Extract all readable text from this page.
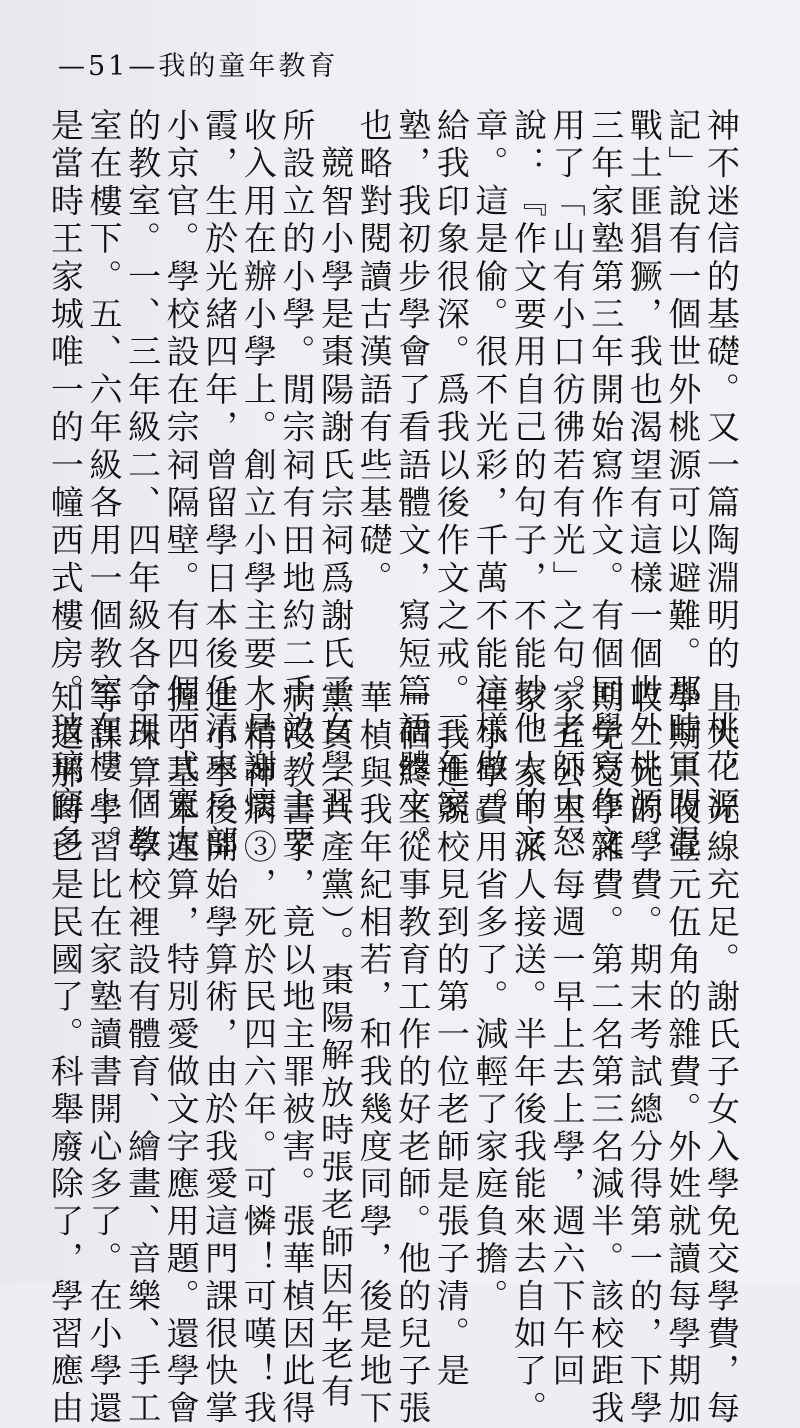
—51—我的童年教育
神不迷信的基礎。又一篇陶淵明的「桃花源
記」說有一個世外桃源可以避難。那時軍閥混
戰土匪猖獗，我也渴望有這樣一個世外桃源。
三年家塾第三年開始寫作文。有個同學寫作文
用了「山有小口彷彿若有光」之句。老師大怒
說：『作文要用自己的句子，不能抄他人的文
章。這是偷。很不光彩，千萬不能這樣做。』
給我印象很深。爲我以後作文之戒。三年家
塾，我初步學會了看語體文，寫短篇語體文。
也略對閱讀古漢語有些基礎。
　競智小學是棗陽謝氏宗祠爲謝氏子女學習
所設立的小學。閒宗祠有田地約二千畝，主要
收入用在辦小學上。創立小學主要人是謝懷
霞，生於光緒四年，曾留學日本後任清末戶部
小京官。學校設在宗祠隔壁。有四個西式寬大
的教室。一、三年級二、四年級各合用一個教
室在樓下。五、六年級各用一個教室在樓上。
是當時王家城唯一的一幢西式樓房。玻璃窗多
且大，光線充足。謝氏子女入學免交學費，每
學期只收壹元伍角的雜費。外姓就讀每學期加
收二元的學費。期末考試總分得第一的，下學
期免交學雜費。第二名第三名減半。該校距我
家五公里。每週一早上去上學，週六下午回
家。家中派人接送。半年後我能來去自如了。
住小學費用省多了。減輕了家庭負擔。
　我進競校見到的第一位老師是張子清。是
一個終生從事教育工作的好老師。他的兒子張
華楨與我年紀相若，和我幾度同學，後是地下
黨員（共產黨）。棗陽解放時張老師因年老有
病沒教書了，竟以地主罪被害。張華楨因此得
了精神病③，死於民四六年。可憐！可嘆！我
進小學後開始學算術，由於我愛這門課很快掌
握了基本運算，特別愛做文字應用題。還學會
了珠算。學校裡設有體育、繪畫、音樂、手工
等課。學習比在家塾讀書開心多了。在小學還
知道那時已是民國了。科舉廢除了，學習應由
